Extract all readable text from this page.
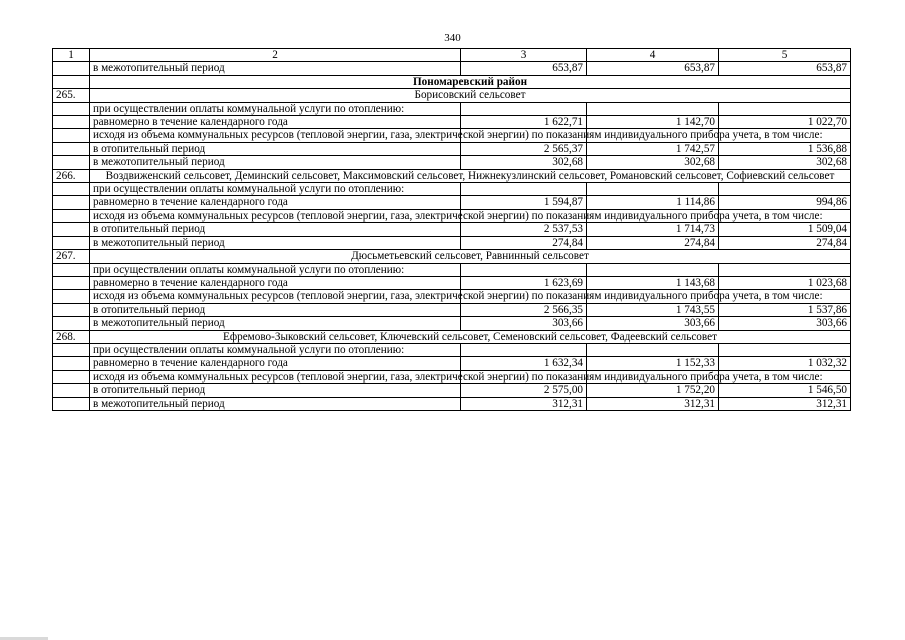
340
1	2	3	4	5
	в межотопительный период	653,87	653,87	653,87
	Пономаревский район			
265.	Борисовский сельсовет			
	при осуществлении оплаты коммунальной услуги по отоплению:			
	равномерно в течение календарного года	1 622,71	1 142,70	1 022,70
	исходя из объема коммунальных ресурсов (тепловой энергии, газа, электрической энергии) по показаниям индивидуального прибора учета, в том числе:			
	в отопительный период	2 565,37	1 742,57	1 536,88
	в межотопительный период	302,68	302,68	302,68
266.	Воздвиженский сельсовет, Деминский сельсовет, Максимовский сельсовет, Нижнекузлинский сельсовет, Романовский сельсовет, Софиевский сельсовет			
	при осуществлении оплаты коммунальной услуги по отоплению:			
	равномерно в течение календарного года	1 594,87	1 114,86	994,86
	исходя из объема коммунальных ресурсов (тепловой энергии, газа, электрической энергии) по показаниям индивидуального прибора учета, в том числе:			
	в отопительный период	2 537,53	1 714,73	1 509,04
	в межотопительный период	274,84	274,84	274,84
267.	Дюсьметьевский сельсовет, Равнинный сельсовет			
	при осуществлении оплаты коммунальной услуги по отоплению:			
	равномерно в течение календарного года	1 623,69	1 143,68	1 023,68
	исходя из объема коммунальных ресурсов (тепловой энергии, газа, электрической энергии) по показаниям индивидуального прибора учета, в том числе:			
	в отопительный период	2 566,35	1 743,55	1 537,86
	в межотопительный период	303,66	303,66	303,66
268.	Ефремово-Зыковский сельсовет, Ключевский сельсовет, Семеновский сельсовет, Фадеевский сельсовет			
	при осуществлении оплаты коммунальной услуги по отоплению:			
	равномерно в течение календарного года	1 632,34	1 152,33	1 032,32
	исходя из объема коммунальных ресурсов (тепловой энергии, газа, электрической энергии) по показаниям индивидуального прибора учета, в том числе:			
	в отопительный период	2 575,00	1 752,20	1 546,50
	в межотопительный период	312,31	312,31	312,31
